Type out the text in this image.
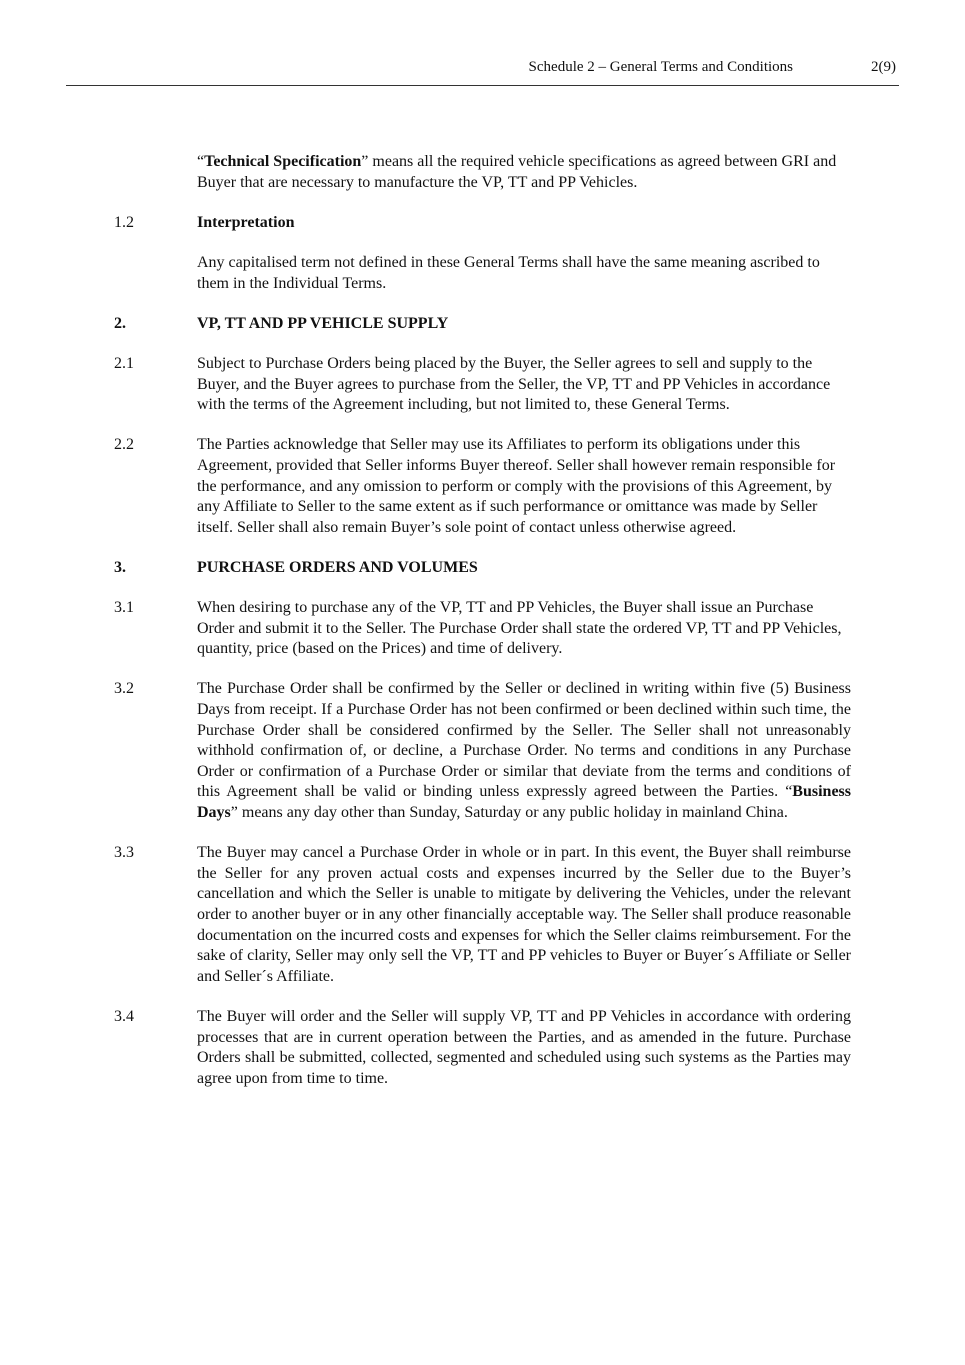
Schedule 2 – General Terms and Conditions	2(9)
“Technical Specification” means all the required vehicle specifications as agreed between GRI and Buyer that are necessary to manufacture the VP, TT and PP Vehicles.
1.2	Interpretation
Any capitalised term not defined in these General Terms shall have the same meaning ascribed to them in the Individual Terms.
2.	VP, TT AND PP VEHICLE SUPPLY
2.1	Subject to Purchase Orders being placed by the Buyer, the Seller agrees to sell and supply to the Buyer, and the Buyer agrees to purchase from the Seller, the VP, TT and PP Vehicles in accordance with the terms of the Agreement including, but not limited to, these General Terms.
2.2	The Parties acknowledge that Seller may use its Affiliates to perform its obligations under this Agreement, provided that Seller informs Buyer thereof. Seller shall however remain responsible for the performance, and any omission to perform or comply with the provisions of this Agreement, by any Affiliate to Seller to the same extent as if such performance or omittance was made by Seller itself. Seller shall also remain Buyer’s sole point of contact unless otherwise agreed.
3.	PURCHASE ORDERS AND VOLUMES
3.1	When desiring to purchase any of the VP, TT and PP Vehicles, the Buyer shall issue an Purchase Order and submit it to the Seller. The Purchase Order shall state the ordered VP, TT and PP Vehicles, quantity, price (based on the Prices) and time of delivery.
3.2	The Purchase Order shall be confirmed by the Seller or declined in writing within five (5) Business Days from receipt. If a Purchase Order has not been confirmed or been declined within such time, the Purchase Order shall be considered confirmed by the Seller. The Seller shall not unreasonably withhold confirmation of, or decline, a Purchase Order. No terms and conditions in any Purchase Order or confirmation of a Purchase Order or similar that deviate from the terms and conditions of this Agreement shall be valid or binding unless expressly agreed between the Parties. “Business Days” means any day other than Sunday, Saturday or any public holiday in mainland China.
3.3	The Buyer may cancel a Purchase Order in whole or in part. In this event, the Buyer shall reimburse the Seller for any proven actual costs and expenses incurred by the Seller due to the Buyer’s cancellation and which the Seller is unable to mitigate by delivering the Vehicles, under the relevant order to another buyer or in any other financially acceptable way. The Seller shall produce reasonable documentation on the incurred costs and expenses for which the Seller claims reimbursement. For the sake of clarity, Seller may only sell the VP, TT and PP vehicles to Buyer or Buyer´s Affiliate or Seller and Seller´s Affiliate.
3.4	The Buyer will order and the Seller will supply VP, TT and PP Vehicles in accordance with ordering processes that are in current operation between the Parties, and as amended in the future. Purchase Orders shall be submitted, collected, segmented and scheduled using such systems as the Parties may agree upon from time to time.
